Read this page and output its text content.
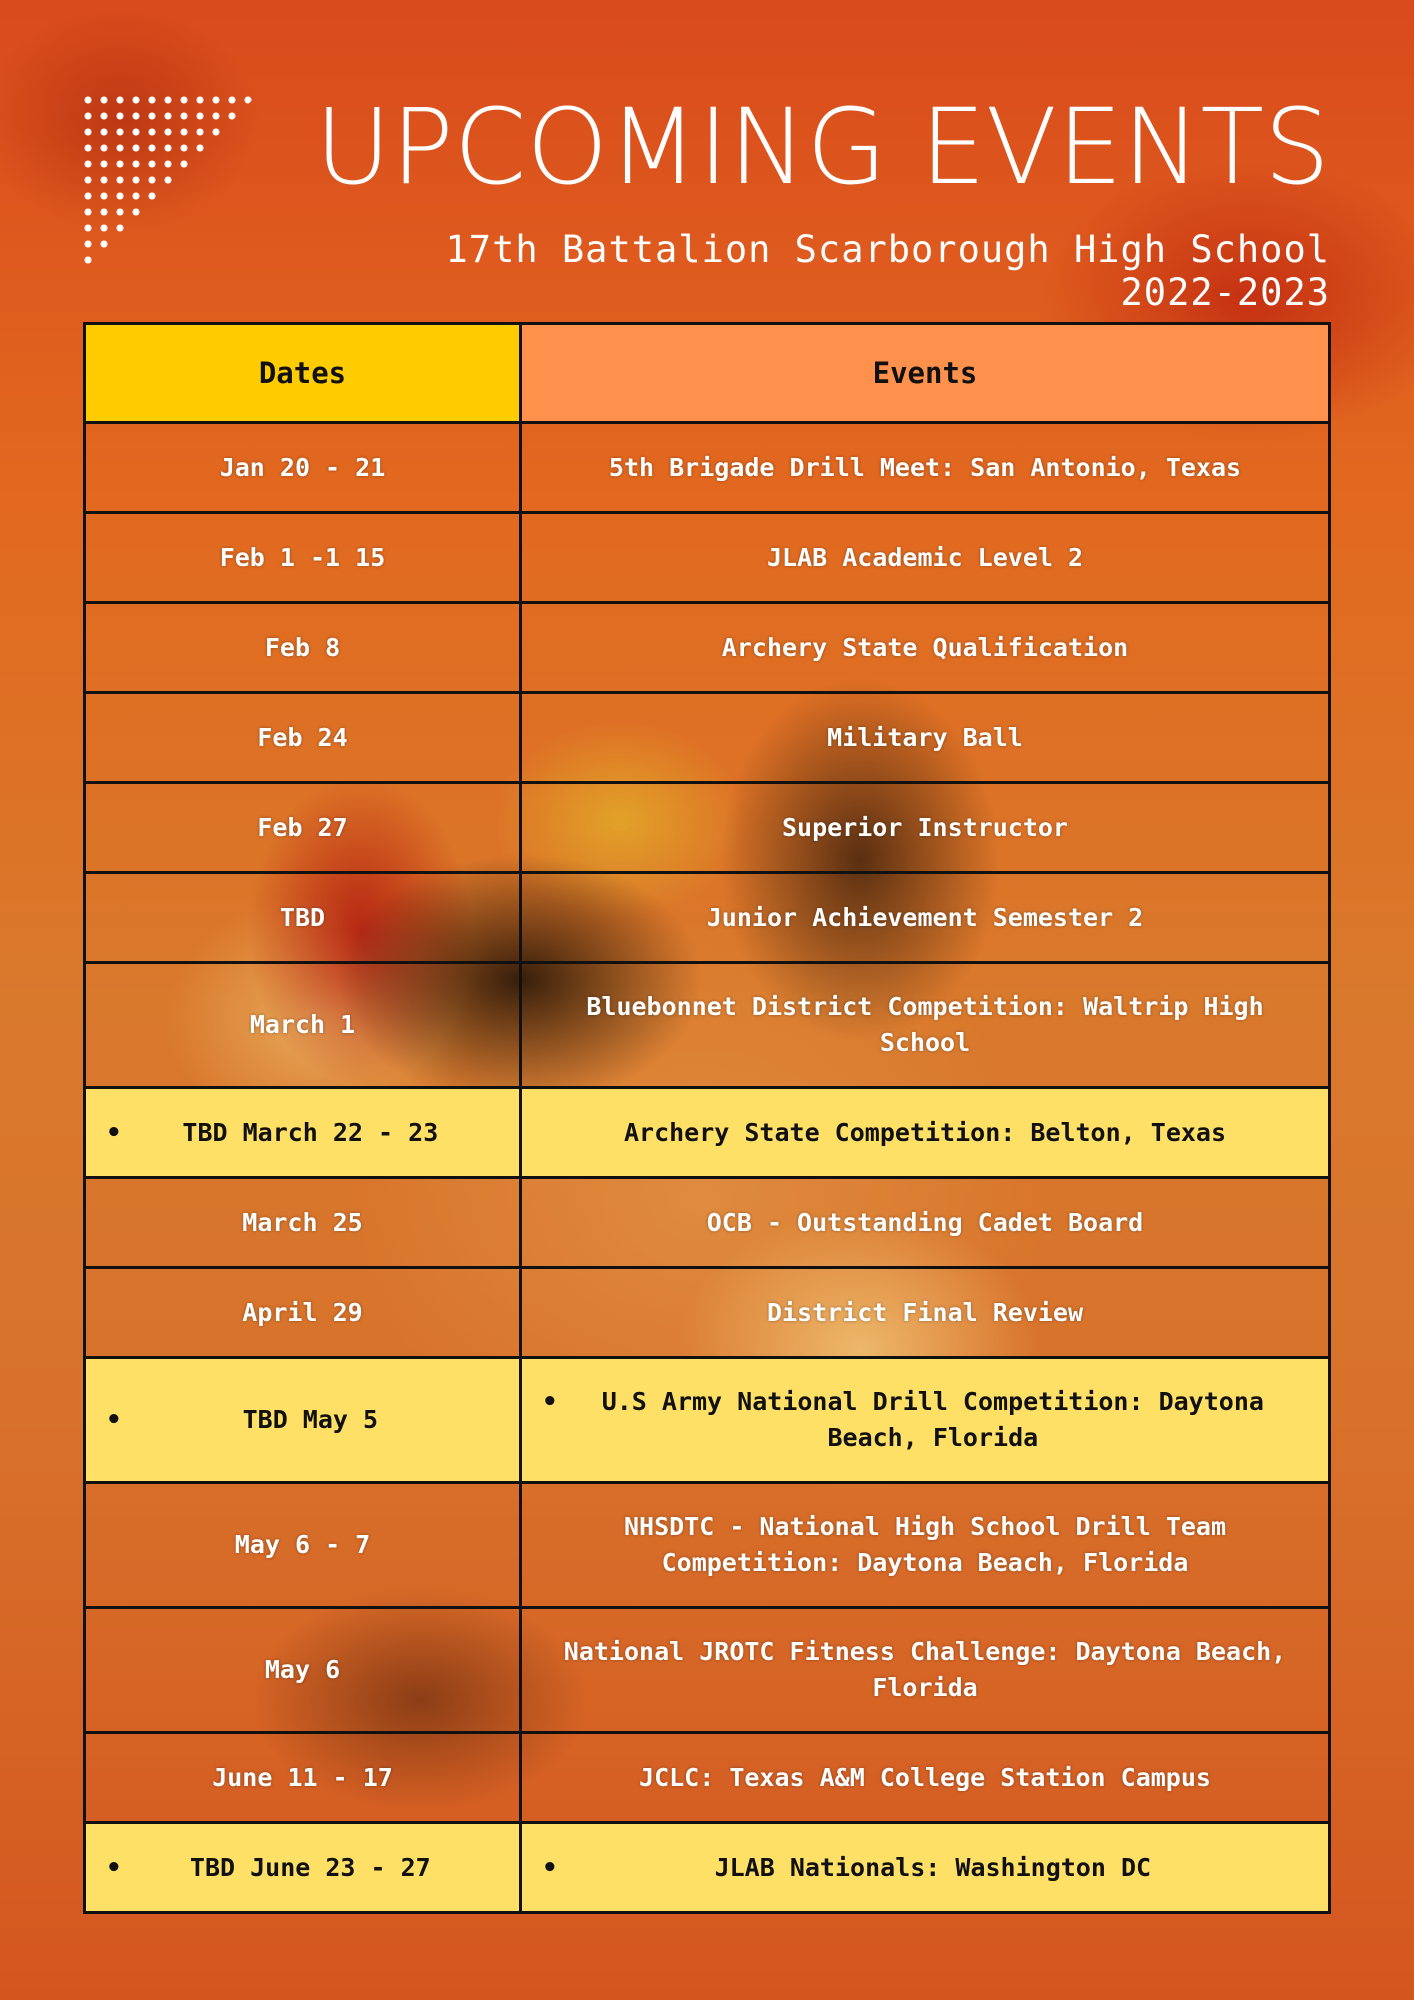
UPCOMING EVENTS
17th Battalion Scarborough High School
2022-2023
Dates	Events
Jan 20 - 21	5th Brigade Drill Meet: San Antonio, Texas
Feb 1 -1 15	JLAB Academic Level 2
Feb 8	Archery State Qualification
Feb 24	Military Ball
Feb 27	Superior Instructor
TBD	Junior Achievement Semester 2
March 1	Bluebonnet District Competition: Waltrip High School

• TBD March 22 - 23	Archery State Competition: Belton, Texas
March 25	OCB - Outstanding Cadet Board
April 29	District Final Review

• TBD May 5	• U.S Army National Drill Competition: Daytona Beach, Florida

May 6 - 7	NHSDTC - National High School Drill Team Competition: Daytona Beach, Florida
May 6	National JROTC Fitness Challenge: Daytona Beach, Florida
June 11 - 17	JCLC: Texas A&M College Station Campus

• TBD June 23 - 27	• JLAB Nationals: Washington DC
